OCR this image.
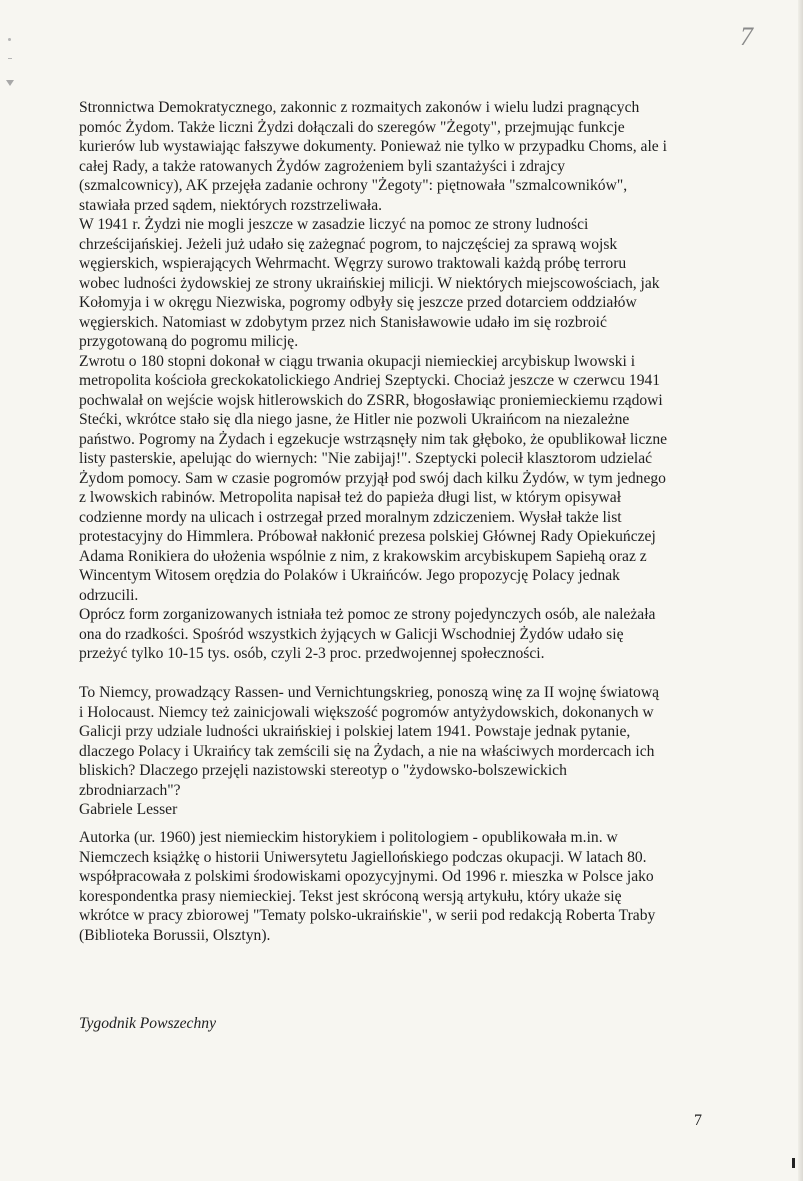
7
Stronnictwa Demokratycznego, zakonnic z rozmaitych zakonów i wielu ludzi pragnących
pomóc Żydom. Także liczni Żydzi dołączali do szeregów "Żegoty", przejmując funkcje
kurierów lub wystawiając fałszywe dokumenty. Ponieważ nie tylko w przypadku Choms, ale i
całej Rady, a także ratowanych Żydów zagrożeniem byli szantażyści i zdrajcy
(szmalcownicy), AK przejęła zadanie ochrony "Żegoty": piętnowała "szmalcowników",
stawiała przed sądem, niektórych rozstrzeliwała.
W 1941 r. Żydzi nie mogli jeszcze w zasadzie liczyć na pomoc ze strony ludności
chrześcijańskiej. Jeżeli już udało się zażegnać pogrom, to najczęściej za sprawą wojsk
węgierskich, wspierających Wehrmacht. Węgrzy surowo traktowali każdą próbę terroru
wobec ludności żydowskiej ze strony ukraińskiej milicji. W niektórych miejscowościach, jak
Kołomyja i w okręgu Niezwiska, pogromy odbyły się jeszcze przed dotarciem oddziałów
węgierskich. Natomiast w zdobytym przez nich Stanisławowie udało im się rozbroić
przygotowaną do pogromu milicję.
Zwrotu o 180 stopni dokonał w ciągu trwania okupacji niemieckiej arcybiskup lwowski i
metropolita kościoła greckokatolickiego Andriej Szeptycki. Chociaż jeszcze w czerwcu 1941
pochwalał on wejście wojsk hitlerowskich do ZSRR, błogosławiąc proniemieckiemu rządowi
Stećki, wkrótce stało się dla niego jasne, że Hitler nie pozwoli Ukraińcom na niezależne
państwo. Pogromy na Żydach i egzekucje wstrząsnęły nim tak głęboko, że opublikował liczne
listy pasterskie, apelując do wiernych: "Nie zabijaj!". Szeptycki polecił klasztorom udzielać
Żydom pomocy. Sam w czasie pogromów przyjął pod swój dach kilku Żydów, w tym jednego
z lwowskich rabinów. Metropolita napisał też do papieża długi list, w którym opisywał
codzienne mordy na ulicach i ostrzegał przed moralnym zdziczeniem. Wysłał także list
protestacyjny do Himmlera. Próbował nakłonić prezesa polskiej Głównej Rady Opiekuńczej
Adama Ronikiera do ułożenia wspólnie z nim, z krakowskim arcybiskupem Sapiehą oraz z
Wincentym Witosem orędzia do Polaków i Ukraińców. Jego propozycję Polacy jednak
odrzucili.
Oprócz form zorganizowanych istniała też pomoc ze strony pojedynczych osób, ale należała
ona do rzadkości. Spośród wszystkich żyjących w Galicji Wschodniej Żydów udało się
przeżyć tylko 10-15 tys. osób, czyli 2-3 proc. przedwojennej społeczności.
To Niemcy, prowadzący Rassen- und Vernichtungskrieg, ponoszą winę za II wojnę światową
i Holocaust. Niemcy też zainicjowali większość pogromów antyżydowskich, dokonanych w
Galicji przy udziale ludności ukraińskiej i polskiej latem 1941. Powstaje jednak pytanie,
dlaczego Polacy i Ukraińcy tak zemścili się na Żydach, a nie na właściwych mordercach ich
bliskich? Dlaczego przejęli nazistowski stereotyp o "żydowsko-bolszewickich
zbrodniarzach"?
Gabriele Lesser
Autorka (ur. 1960) jest niemieckim historykiem i politologiem - opublikowała m.in. w
Niemczech książkę o historii Uniwersytetu Jagiellońskiego podczas okupacji. W latach 80.
współpracowała z polskimi środowiskami opozycyjnymi. Od 1996 r. mieszka w Polsce jako
korespondentka prasy niemieckiej. Tekst jest skróconą wersją artykułu, który ukaże się
wkrótce w pracy zbiorowej "Tematy polsko-ukraińskie", w serii pod redakcją Roberta Traby
(Biblioteka Borussii, Olsztyn).
Tygodnik Powszechny
7
